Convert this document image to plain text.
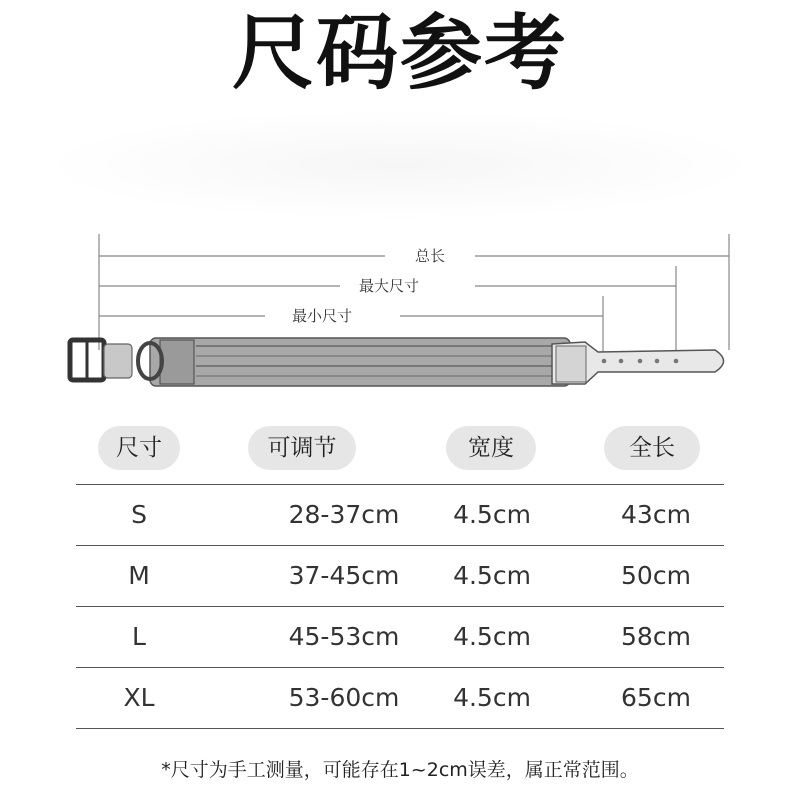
尺码参考
总长
最大尺寸
最小尺寸
尺寸	可调节	宽度	全长
S	28-37cm	4.5cm	43cm
M	37-45cm	4.5cm	50cm
L	45-53cm	4.5cm	58cm
XL	53-60cm	4.5cm	65cm
*尺寸为手工测量，可能存在1~2cm误差，属正常范围。
